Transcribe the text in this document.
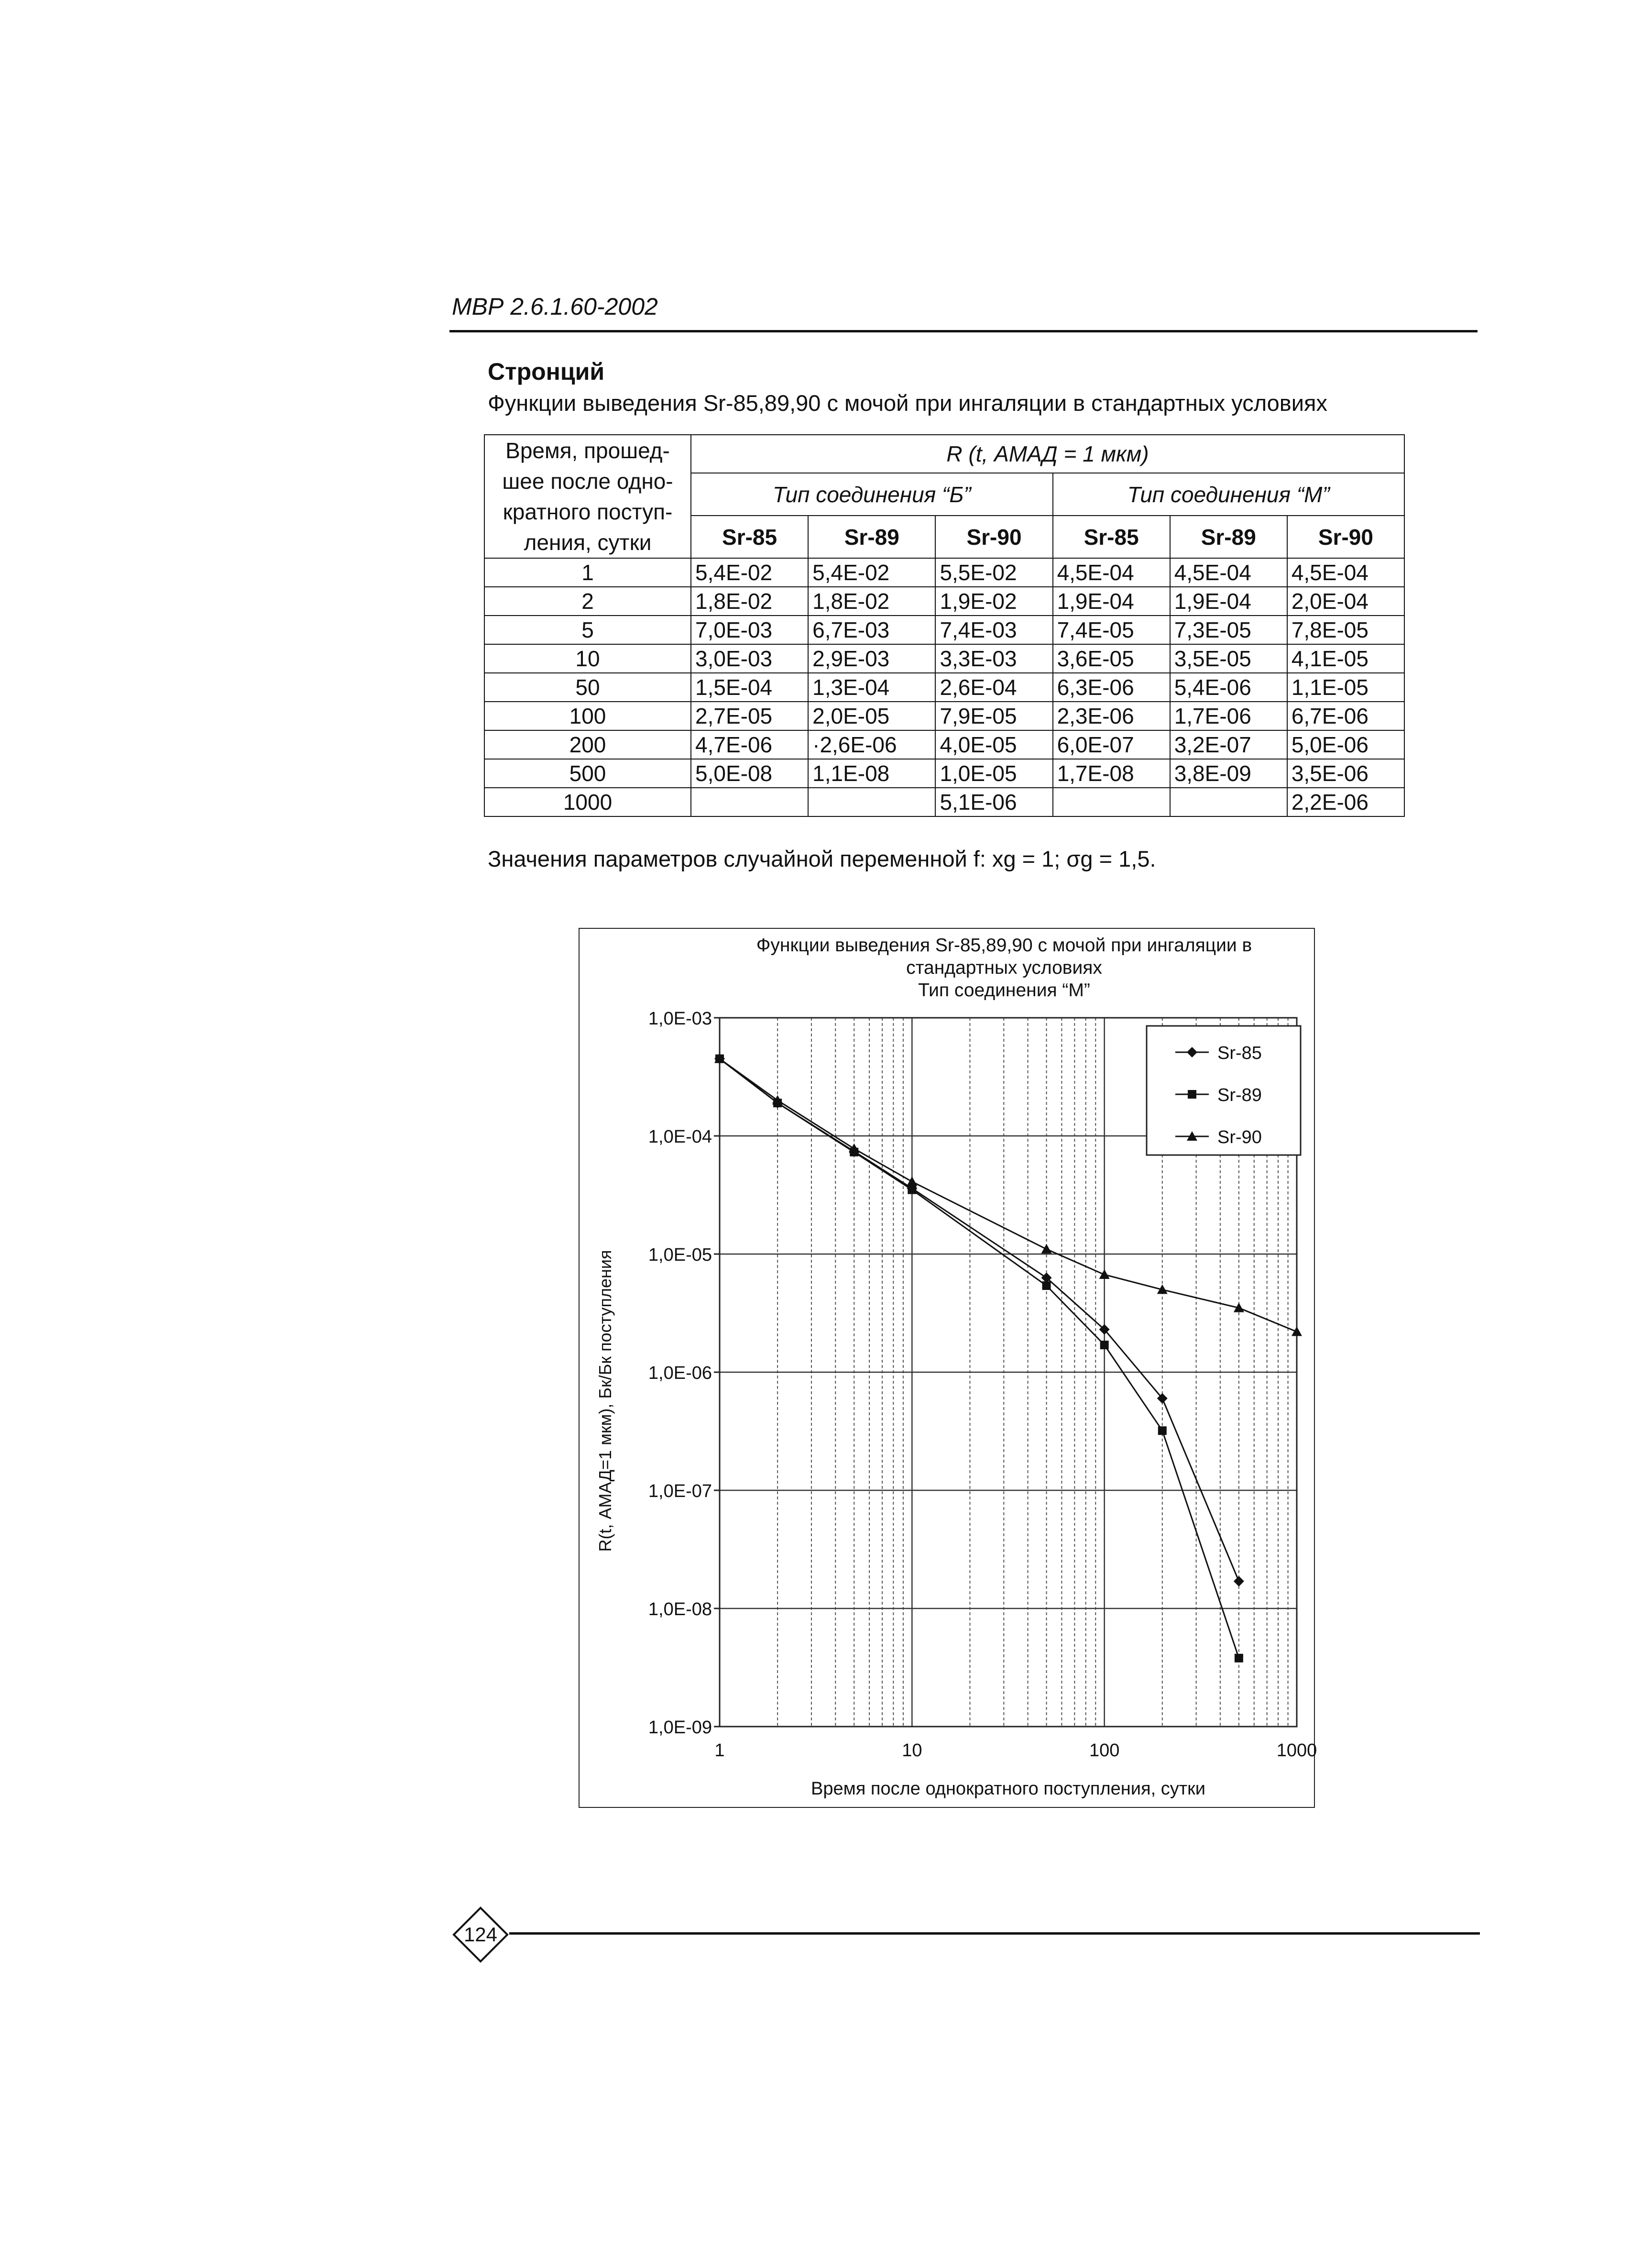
МВР 2.6.1.60-2002
Стронций
Функции выведения Sr-85,89,90 с мочой при ингаляции в стандартных условиях
Время, прошед-шее после одно-кратного поступ-ления, сутки	R (t, АМАД = 1 мкм)					
	Тип соединения “Б”			Тип соединения “М”		
	Sr-85	Sr-89	Sr-90	Sr-85	Sr-89	Sr-90
1	5,4E-02	5,4E-02	5,5E-02	4,5E-04	4,5E-04	4,5E-04
2	1,8E-02	1,8E-02	1,9E-02	1,9E-04	1,9E-04	2,0E-04
5	7,0E-03	6,7E-03	7,4E-03	7,4E-05	7,3E-05	7,8E-05
10	3,0E-03	2,9E-03	3,3E-03	3,6E-05	3,5E-05	4,1E-05
50	1,5E-04	1,3E-04	2,6E-04	6,3E-06	5,4E-06	1,1E-05
100	2,7E-05	2,0E-05	7,9E-05	2,3E-06	1,7E-06	6,7E-06
200	4,7E-06	·2,6E-06	4,0E-05	6,0E-07	3,2E-07	5,0E-06
500	5,0E-08	1,1E-08	1,0E-05	1,7E-08	3,8E-09	3,5E-06
1000			5,1E-06			2,2E-06
Значения параметров случайной переменной f: xg = 1; σg = 1,5.
Функции выведения Sr-85,89,90 с мочой при ингаляции в
стандартных условиях
Тип соединения “М”
1,0E-03
1,0E-04
1,0E-05
1,0E-06
1,0E-07
1,0E-08
1,0E-09
1	10	100	1000
Время после однократного поступления, сутки
R(t, АМАД=1 мкм), Бк/Бк поступления
Sr-85
Sr-89
Sr-90
124
